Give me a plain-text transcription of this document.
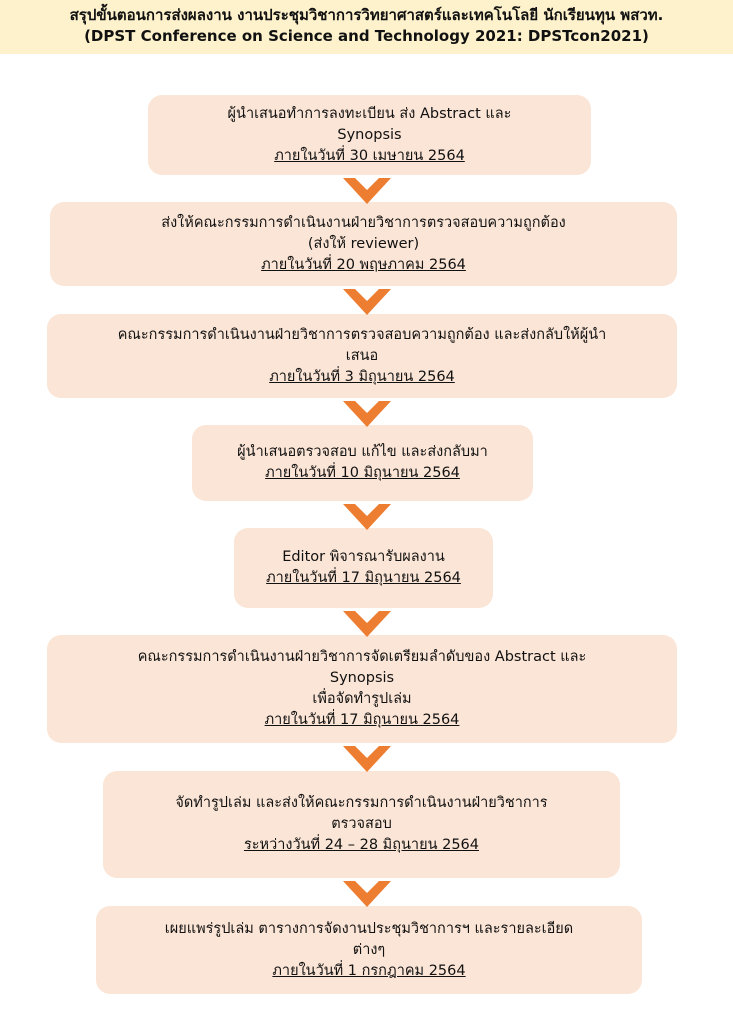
สรุปขั้นตอนการส่งผลงาน งานประชุมวิชาการวิทยาศาสตร์และเทคโนโลยี นักเรียนทุน พสวท.
(DPST Conference on Science and Technology 2021: DPSTcon2021)
ผู้นำเสนอทำการลงทะเบียน ส่ง Abstract และ
Synopsis
ภายในวันที่ 30 เมษายน 2564
ส่งให้คณะกรรมการดำเนินงานฝ่ายวิชาการตรวจสอบความถูกต้อง
(ส่งให้ reviewer)
ภายในวันที่ 20 พฤษภาคม 2564
คณะกรรมการดำเนินงานฝ่ายวิชาการตรวจสอบความถูกต้อง และส่งกลับให้ผู้นำ
เสนอ
ภายในวันที่ 3 มิถุนายน 2564
ผู้นำเสนอตรวจสอบ แก้ไข และส่งกลับมา
ภายในวันที่ 10 มิถุนายน 2564
Editor พิจารณารับผลงาน
ภายในวันที่ 17 มิถุนายน 2564
คณะกรรมการดำเนินงานฝ่ายวิชาการจัดเตรียมลำดับของ Abstract และ
Synopsis
เพื่อจัดทำรูปเล่ม
ภายในวันที่ 17 มิถุนายน 2564
จัดทำรูปเล่ม และส่งให้คณะกรรมการดำเนินงานฝ่ายวิชาการ
ตรวจสอบ
ระหว่างวันที่ 24 – 28 มิถุนายน 2564
เผยแพร่รูปเล่ม ตารางการจัดงานประชุมวิชาการฯ และรายละเอียด
ต่างๆ
ภายในวันที่ 1 กรกฎาคม 2564
